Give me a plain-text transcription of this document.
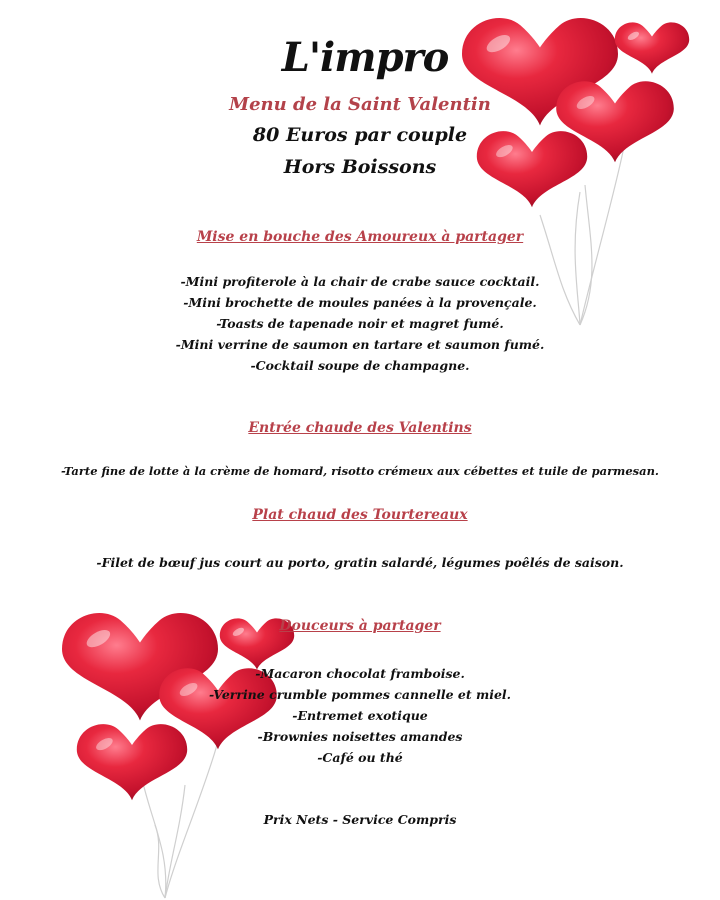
L'impro
Menu de la Saint Valentin
80 Euros par couple
Hors Boissons
Mise en bouche des Amoureux à partager
-Mini profiterole à la chair de crabe sauce cocktail.
-Mini brochette de moules panées à la provençale.
-Toasts de tapenade noir et magret fumé.
-Mini verrine de saumon en tartare et saumon fumé.
-Cocktail soupe de champagne.
Entrée chaude des Valentins
-Tarte fine de lotte à la crème de homard, risotto crémeux aux cébettes et tuile de parmesan.
Plat chaud des Tourtereaux
-Filet de bœuf jus court au porto, gratin salardé, légumes poêlés de saison.
Douceurs à partager
-Macaron chocolat framboise.
-Verrine crumble pommes cannelle et miel.
-Entremet exotique
-Brownies noisettes amandes
-Café ou thé
Prix Nets - Service Compris
